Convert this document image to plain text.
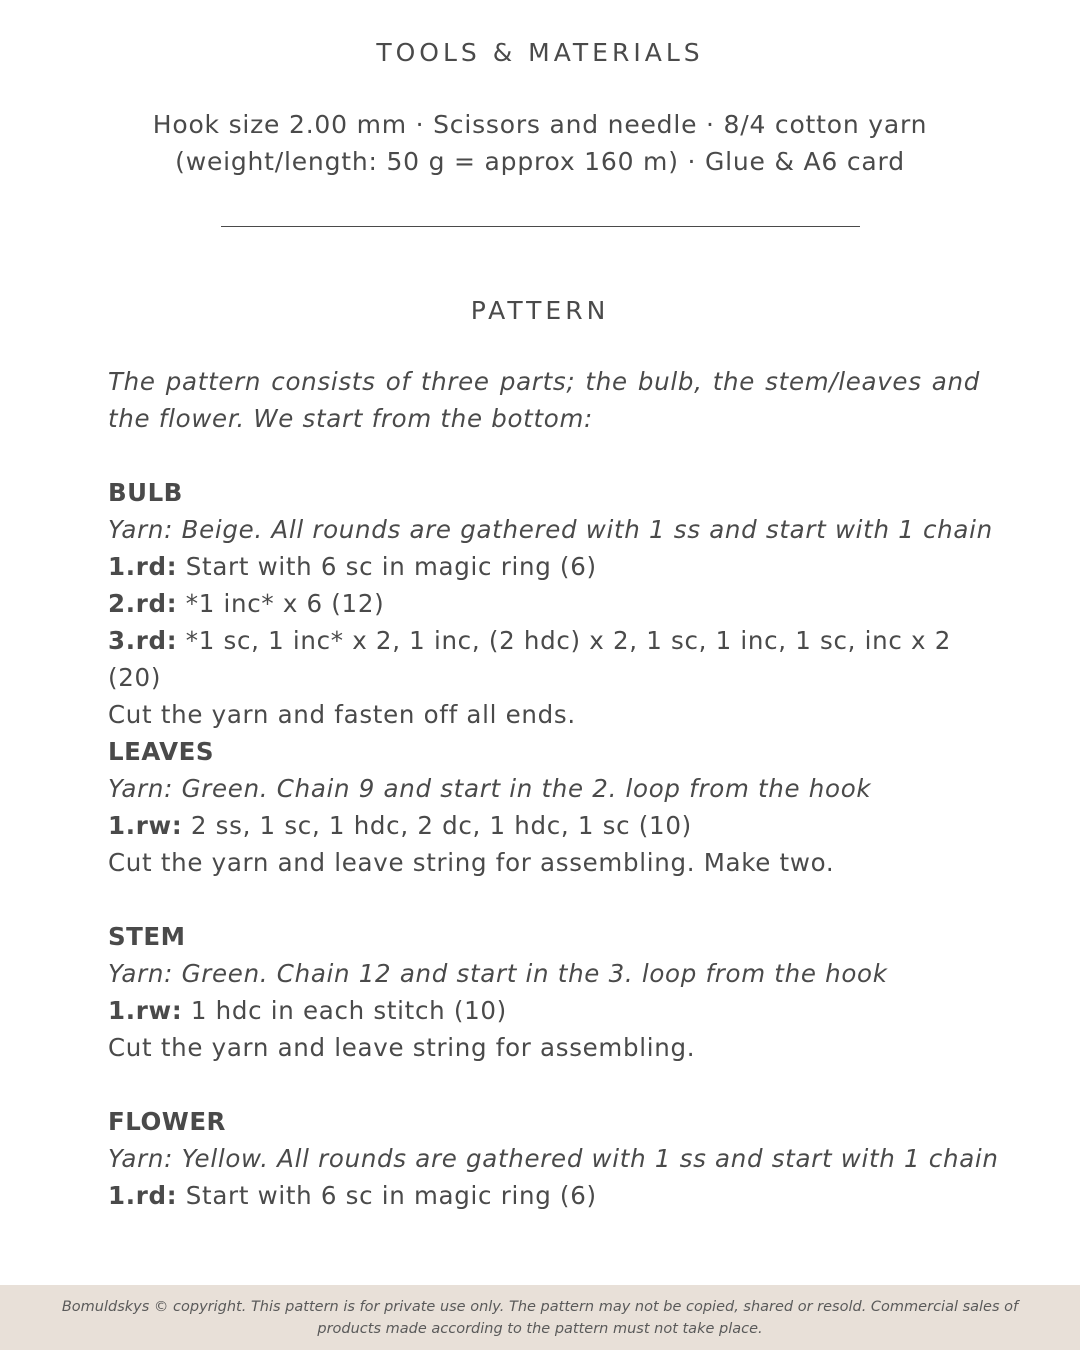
TOOLS & MATERIALS
Hook size 2.00 mm · Scissors and needle · 8/4 cotton yarn
(weight/length: 50 g = approx 160 m) · Glue & A6 card
PATTERN
The pattern consists of three parts; the bulb, the stem/leaves and the flower. We start from the bottom:
BULB
Yarn: Beige. All rounds are gathered with 1 ss and start with 1 chain
1.rd: Start with 6 sc in magic ring (6)
2.rd: *1 inc* x 6 (12)
3.rd: *1 sc, 1 inc* x 2, 1 inc, (2 hdc) x 2, 1 sc, 1 inc, 1 sc, inc x 2 (20)
Cut the yarn and fasten off all ends.
LEAVES
Yarn: Green. Chain 9 and start in the 2. loop from the hook
1.rw: 2 ss, 1 sc, 1 hdc, 2 dc, 1 hdc, 1 sc (10)
Cut the yarn and leave string for assembling. Make two.
STEM
Yarn: Green. Chain 12 and start in the 3. loop from the hook
1.rw: 1 hdc in each stitch (10)
Cut the yarn and leave string for assembling.
FLOWER
Yarn: Yellow. All rounds are gathered with 1 ss and start with 1 chain
1.rd: Start with 6 sc in magic ring (6)

Bomuldskys © copyright. This pattern is for private use only. The pattern may not be copied, shared or resold. Commercial sales of products made according to the pattern must not take place.
